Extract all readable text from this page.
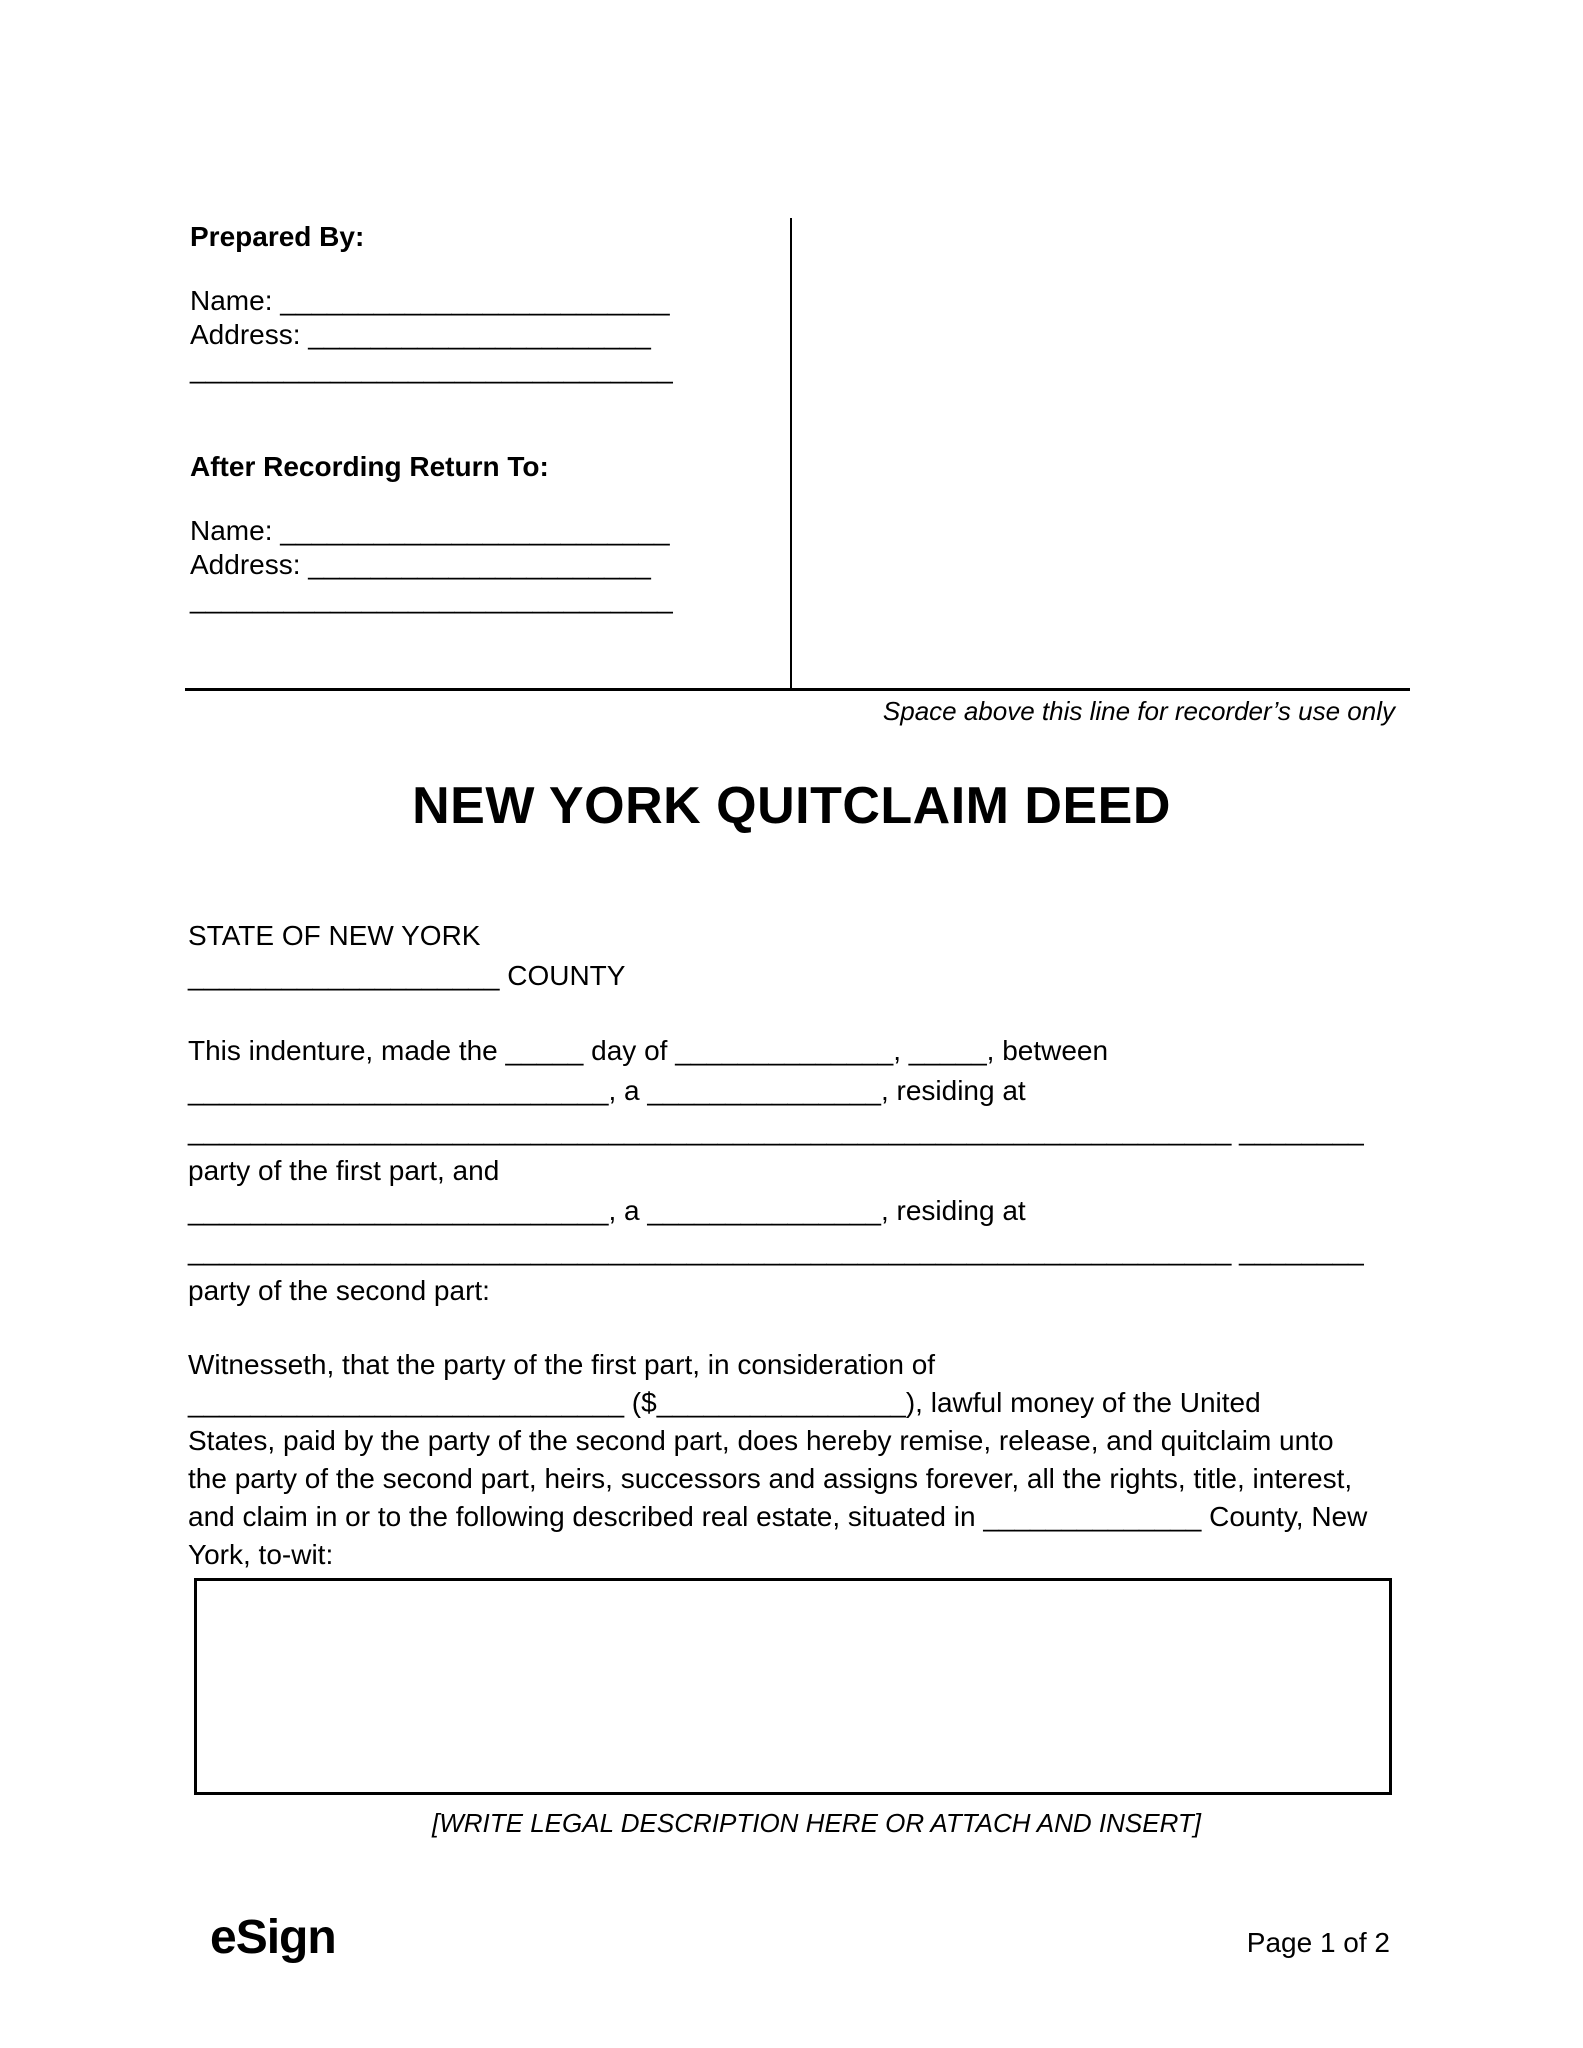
Prepared By:
Name: _________________________
Address: ______________________
_______________________________
After Recording Return To:
Name: _________________________
Address: ______________________
_______________________________
Space above this line for recorder’s use only
NEW YORK QUITCLAIM DEED
STATE OF NEW YORK
____________________ COUNTY
This indenture, made the _____ day of ______________, _____, between
___________________________, a _______________, residing at
___________________________________________________________________ ________
party of the first part, and
___________________________, a _______________, residing at
___________________________________________________________________ ________
party of the second part:
Witnesseth, that the party of the first part, in consideration of
____________________________ ($________________), lawful money of the United
States, paid by the party of the second part, does hereby remise, release, and quitclaim unto
the party of the second part, heirs, successors and assigns forever, all the rights, title, interest,
and claim in or to the following described real estate, situated in ______________ County, New
York, to-wit:
[WRITE LEGAL DESCRIPTION HERE OR ATTACH AND INSERT]
eSign	Page 1 of 2
